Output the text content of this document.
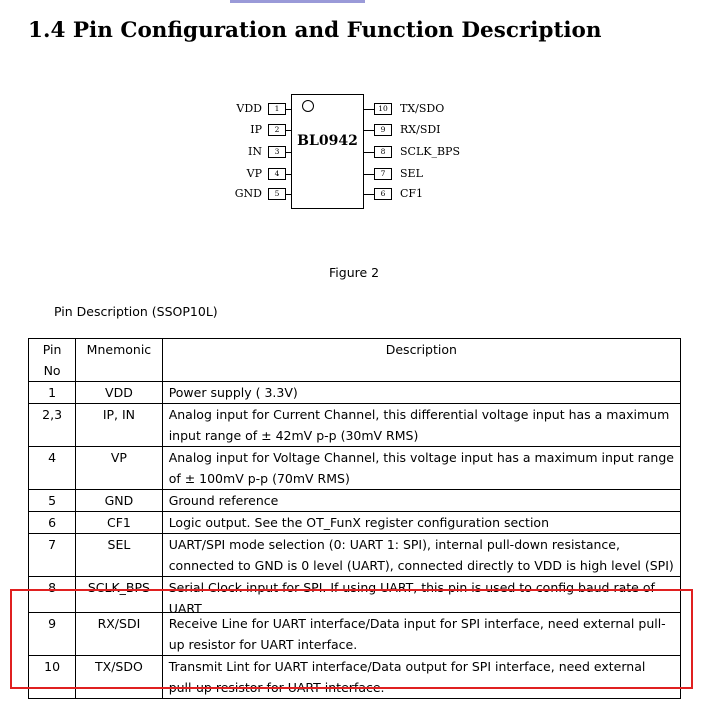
1.4 Pin Configuration and Function Description
BL0942
VDD	1
IP	2
IN	3
VP	4
GND	5
10	TX/SDO
9	RX/SDI
8	SCLK_BPS
7	SEL
6	CF1
Figure 2
Pin Description (SSOP10L)
Pin No	Mnemonic	Description
1	VDD	Power supply ( 3.3V)

2,3	IP, IN	Analog input for Current Channel, this differential voltage input has a maximum
input range of ± 42mV p-p (30mV RMS)

4	VP	Analog input for Voltage Channel, this voltage input has a maximum input range
of ± 100mV p-p (70mV RMS)

5	GND	Ground reference

6	CF1	Logic output. See the OT_FunX register configuration section

7	SEL	UART/SPI mode selection (0: UART 1: SPI), internal pull-down resistance,
connected to GND is 0 level (UART), connected directly to VDD is high level (SPI)

8	SCLK_BPS	Serial Clock input for SPI. If using UART, this pin is used to config baud rate of
UART

9	RX/SDI	Receive Line for UART interface/Data input for SPI interface, need external pull-
up resistor for UART interface.

10	TX/SDO	Transmit Lint for UART interface/Data output for SPI interface, need external
pull-up resistor for UART interface.
